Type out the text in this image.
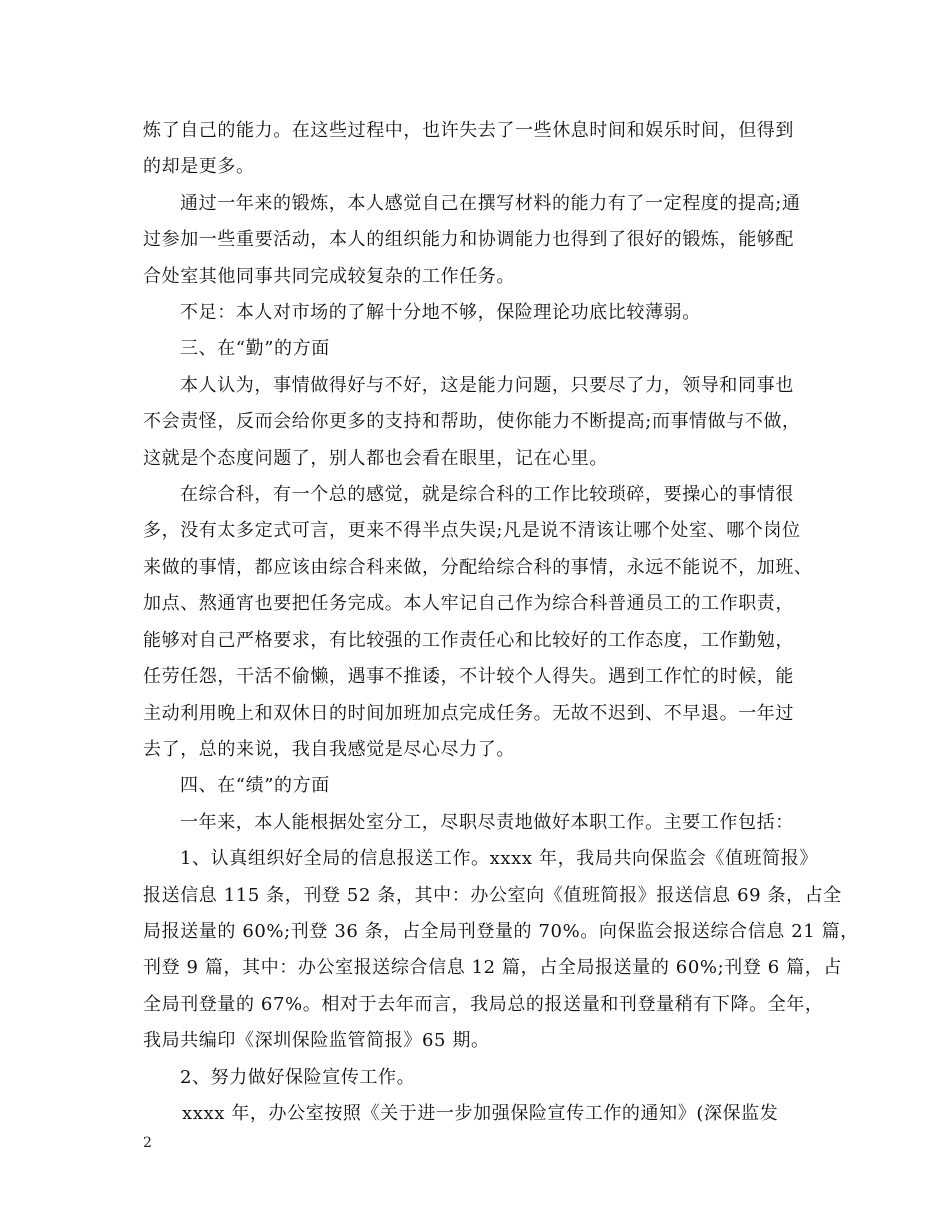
炼了自己的能力。在这些过程中，也许失去了一些休息时间和娱乐时间，但得到
的却是更多。

通过一年来的锻炼，本人感觉自己在撰写材料的能力有了一定程度的提高;通
过参加一些重要活动，本人的组织能力和协调能力也得到了很好的锻炼，能够配
合处室其他同事共同完成较复杂的工作任务。

不足：本人对市场的了解十分地不够，保险理论功底比较薄弱。

三、在“勤”的方面

本人认为，事情做得好与不好，这是能力问题，只要尽了力，领导和同事也
不会责怪，反而会给你更多的支持和帮助，使你能力不断提高;而事情做与不做，
这就是个态度问题了，别人都也会看在眼里，记在心里。

在综合科，有一个总的感觉，就是综合科的工作比较琐碎，要操心的事情很
多，没有太多定式可言，更来不得半点失误;凡是说不清该让哪个处室、哪个岗位
来做的事情，都应该由综合科来做，分配给综合科的事情，永远不能说不，加班、
加点、熬通宵也要把任务完成。本人牢记自己作为综合科普通员工的工作职责，
能够对自己严格要求，有比较强的工作责任心和比较好的工作态度，工作勤勉，
任劳任怨，干活不偷懒，遇事不推诿，不计较个人得失。遇到工作忙的时候，能
主动利用晚上和双休日的时间加班加点完成任务。无故不迟到、不早退。一年过
去了，总的来说，我自我感觉是尽心尽力了。

四、在“绩”的方面

一年来，本人能根据处室分工，尽职尽责地做好本职工作。主要工作包括：

1、认真组织好全局的信息报送工作。xxxx 年，我局共向保监会《值班简报》
报送信息 115 条，刊登 52 条，其中：办公室向《值班简报》报送信息 69 条，占全
局报送量的 60%;刊登 36 条，占全局刊登量的 70%。向保监会报送综合信息 21 篇，
刊登 9 篇，其中：办公室报送综合信息 12 篇，占全局报送量的 60%;刊登 6 篇，占
全局刊登量的 67%。相对于去年而言，我局总的报送量和刊登量稍有下降。全年，
我局共编印《深圳保险监管简报》65 期。

2、努力做好保险宣传工作。

xxxx 年，办公室按照《关于进一步加强保险宣传工作的通知》(深保监发

2
